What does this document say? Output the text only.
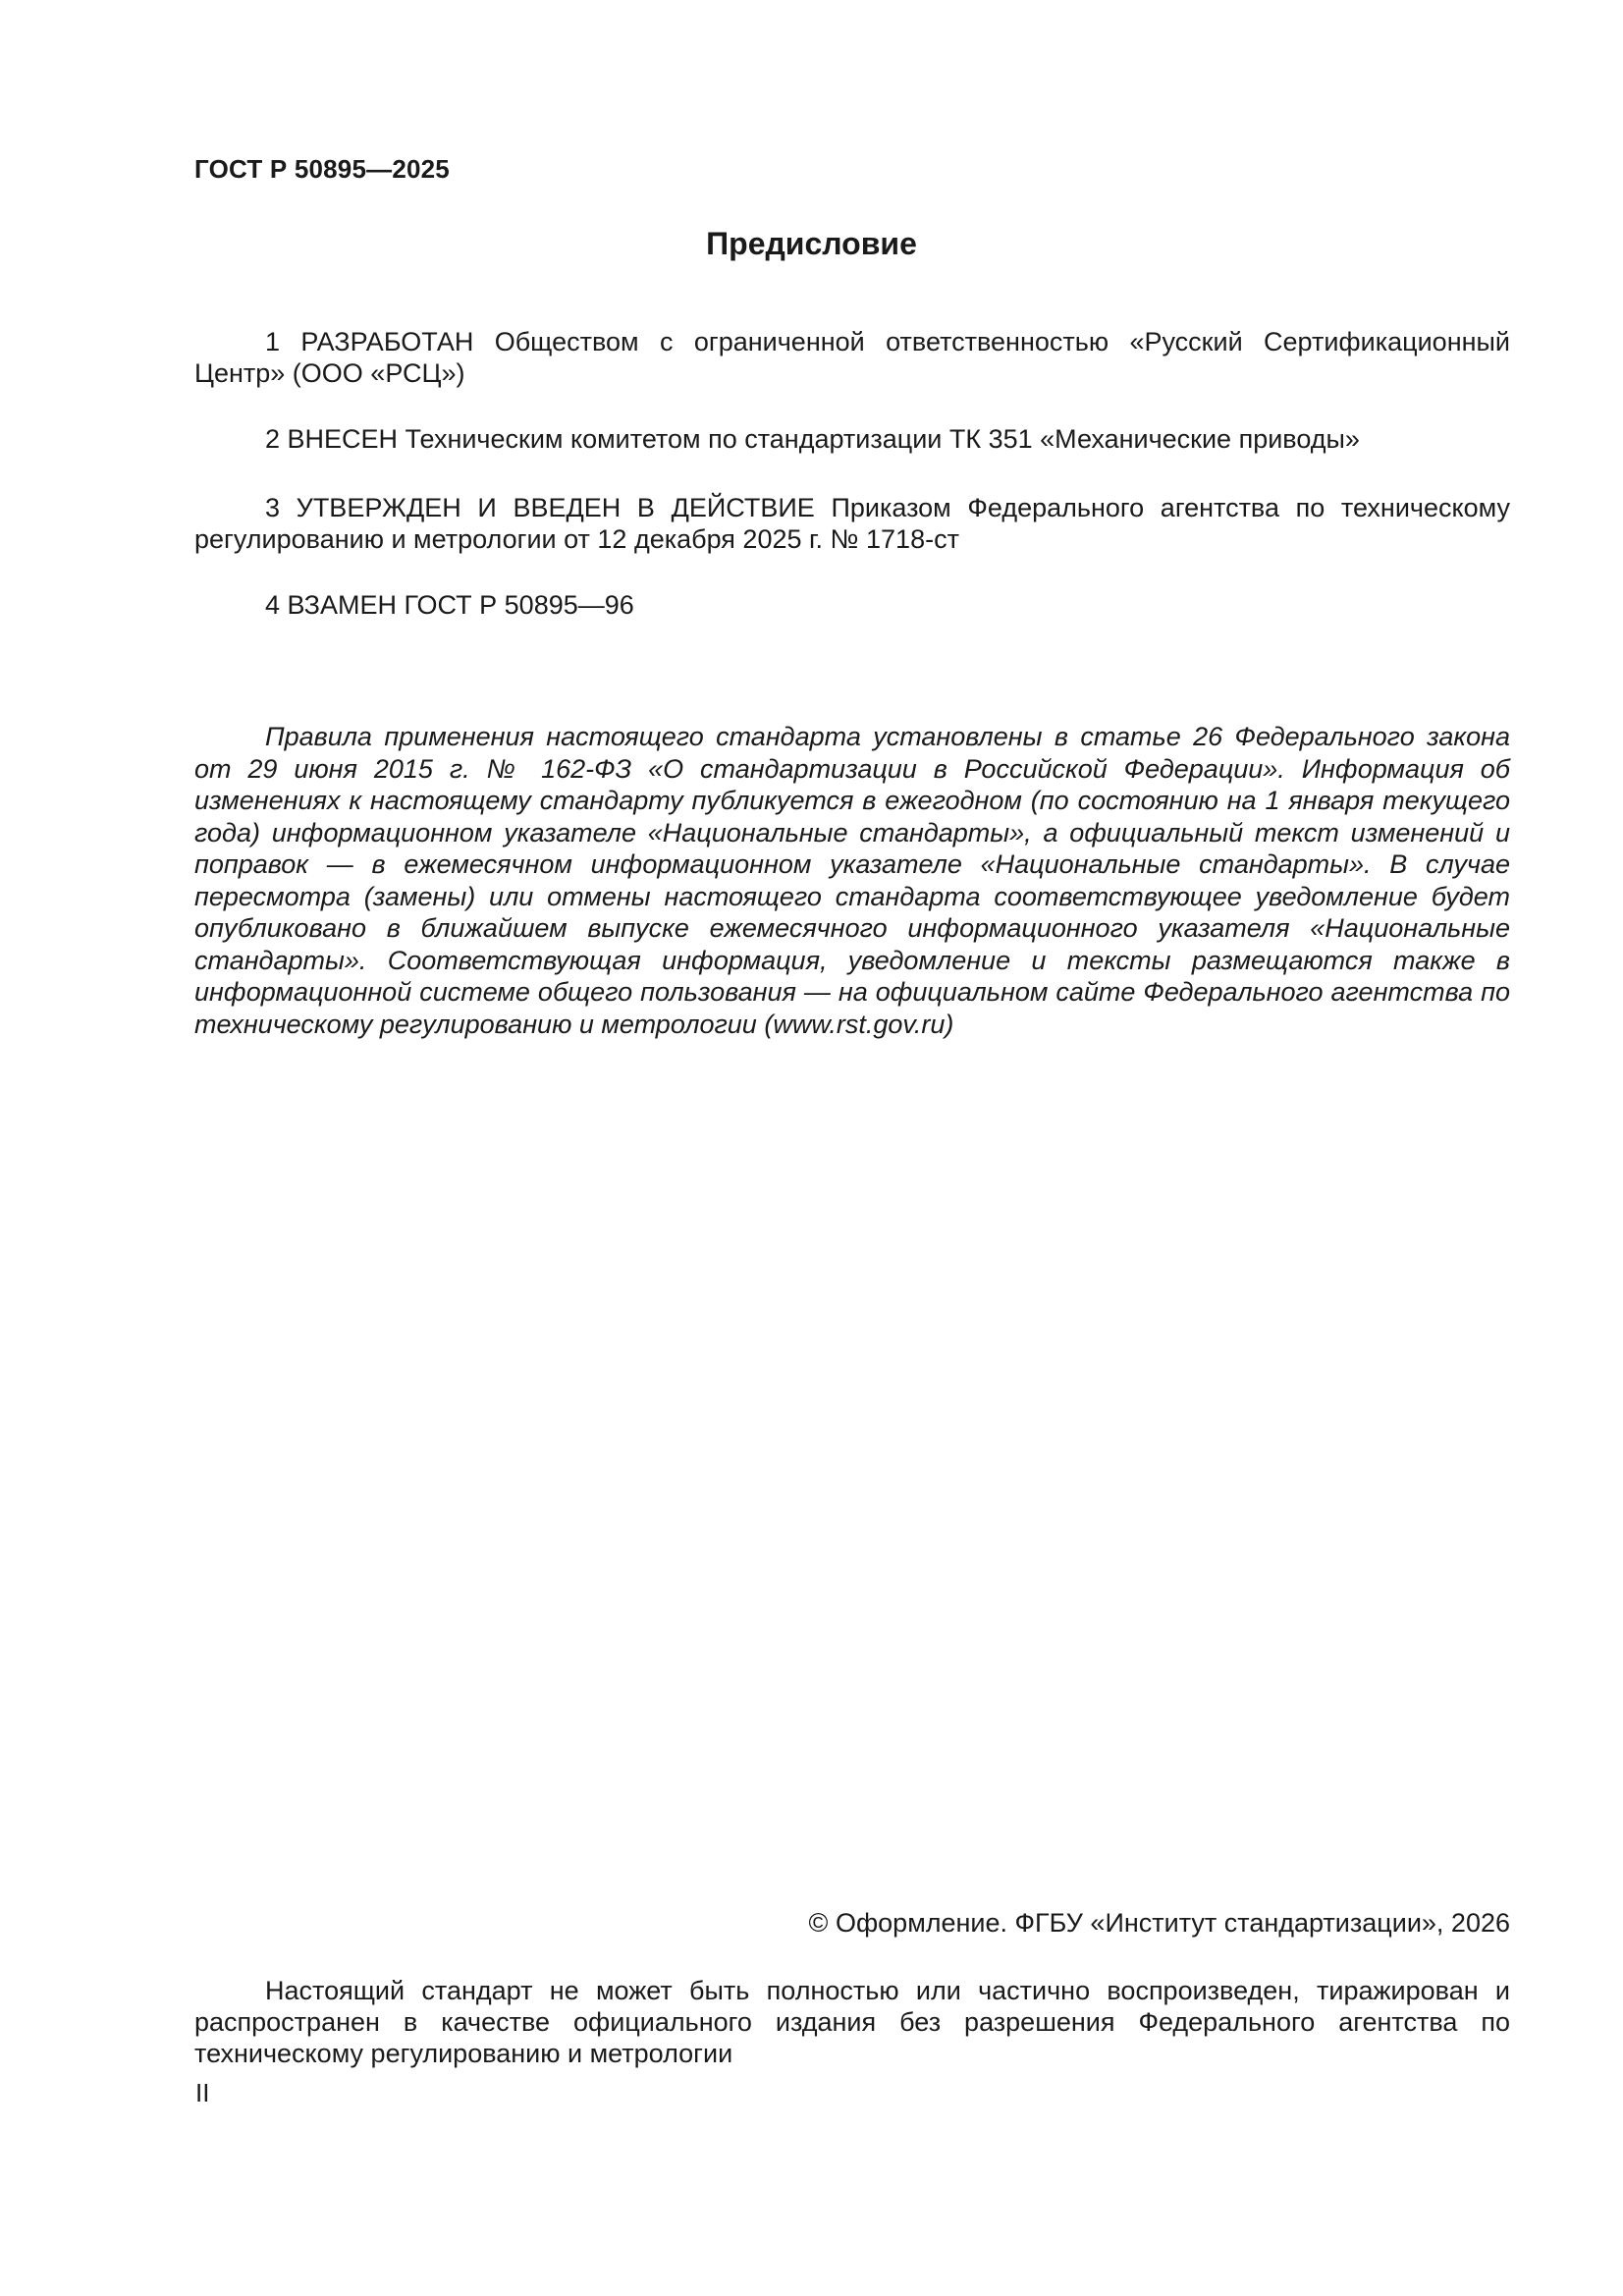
ГОСТ Р 50895—2025
Предисловие

1 РАЗРАБОТАН Обществом с ограниченной ответственностью «Русский Сертификационный Центр» (ООО «РСЦ»)

2 ВНЕСЕН Техническим комитетом по стандартизации ТК 351 «Механические приводы»

3 УТВЕРЖДЕН И ВВЕДЕН В ДЕЙСТВИЕ Приказом Федерального агентства по техническому регулированию и метрологии от 12 декабря 2025 г. № 1718-ст

4 ВЗАМЕН ГОСТ Р 50895—96

Правила применения настоящего стандарта установлены в статье 26 Федерального закона от 29 июня 2015 г. № 162-ФЗ «О стандартизации в Российской Федерации». Информация об изменениях к настоящему стандарту публикуется в ежегодном (по состоянию на 1 января текущего года) информационном указателе «Национальные стандарты», а официальный текст изменений и поправок — в ежемесячном информационном указателе «Национальные стандарты». В случае пересмотра (замены) или отмены настоящего стандарта соответствующее уведомление будет опубликовано в ближайшем выпуске ежемесячного информационного указателя «Национальные стандарты». Соответствующая информация, уведомление и тексты размещаются также в информационной системе общего пользования — на официальном сайте Федерального агентства по техническому регулированию и метрологии (www.rst.gov.ru)

© Оформление. ФГБУ «Институт стандартизации», 2026

Настоящий стандарт не может быть полностью или частично воспроизведен, тиражирован и распространен в качестве официального издания без разрешения Федерального агентства по техническому регулированию и метрологии

II
